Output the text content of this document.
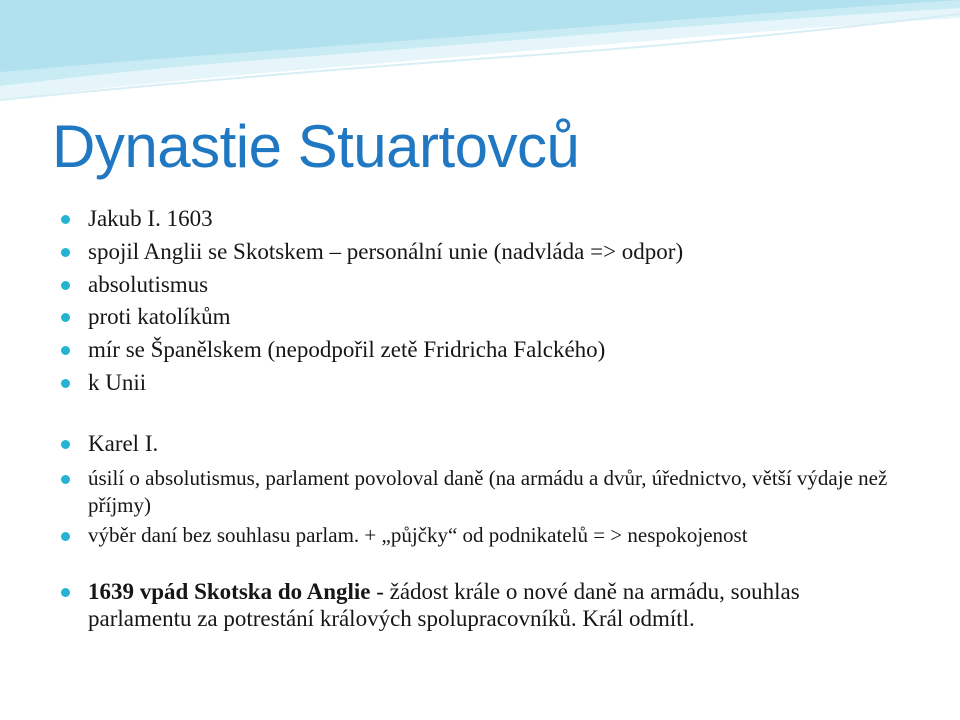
Dynastie Stuartovců
Jakub I. 1603
spojil Anglii se Skotskem – personální unie (nadvláda => odpor)
absolutismus
proti katolíkům
mír se Španělskem (nepodpořil zetě Fridricha Falckého)
k Unii
Karel I.
úsilí o absolutismus, parlament povoloval daně (na armádu a dvůr, úřednictvo, větší výdaje než příjmy)
výběr daní bez souhlasu parlam. + „půjčky“ od podnikatelů = > nespokojenost
1639 vpád Skotska do Anglie - žádost krále o nové daně na armádu, souhlas parlamentu za potrestání králových spolupracovníků. Král odmítl.
